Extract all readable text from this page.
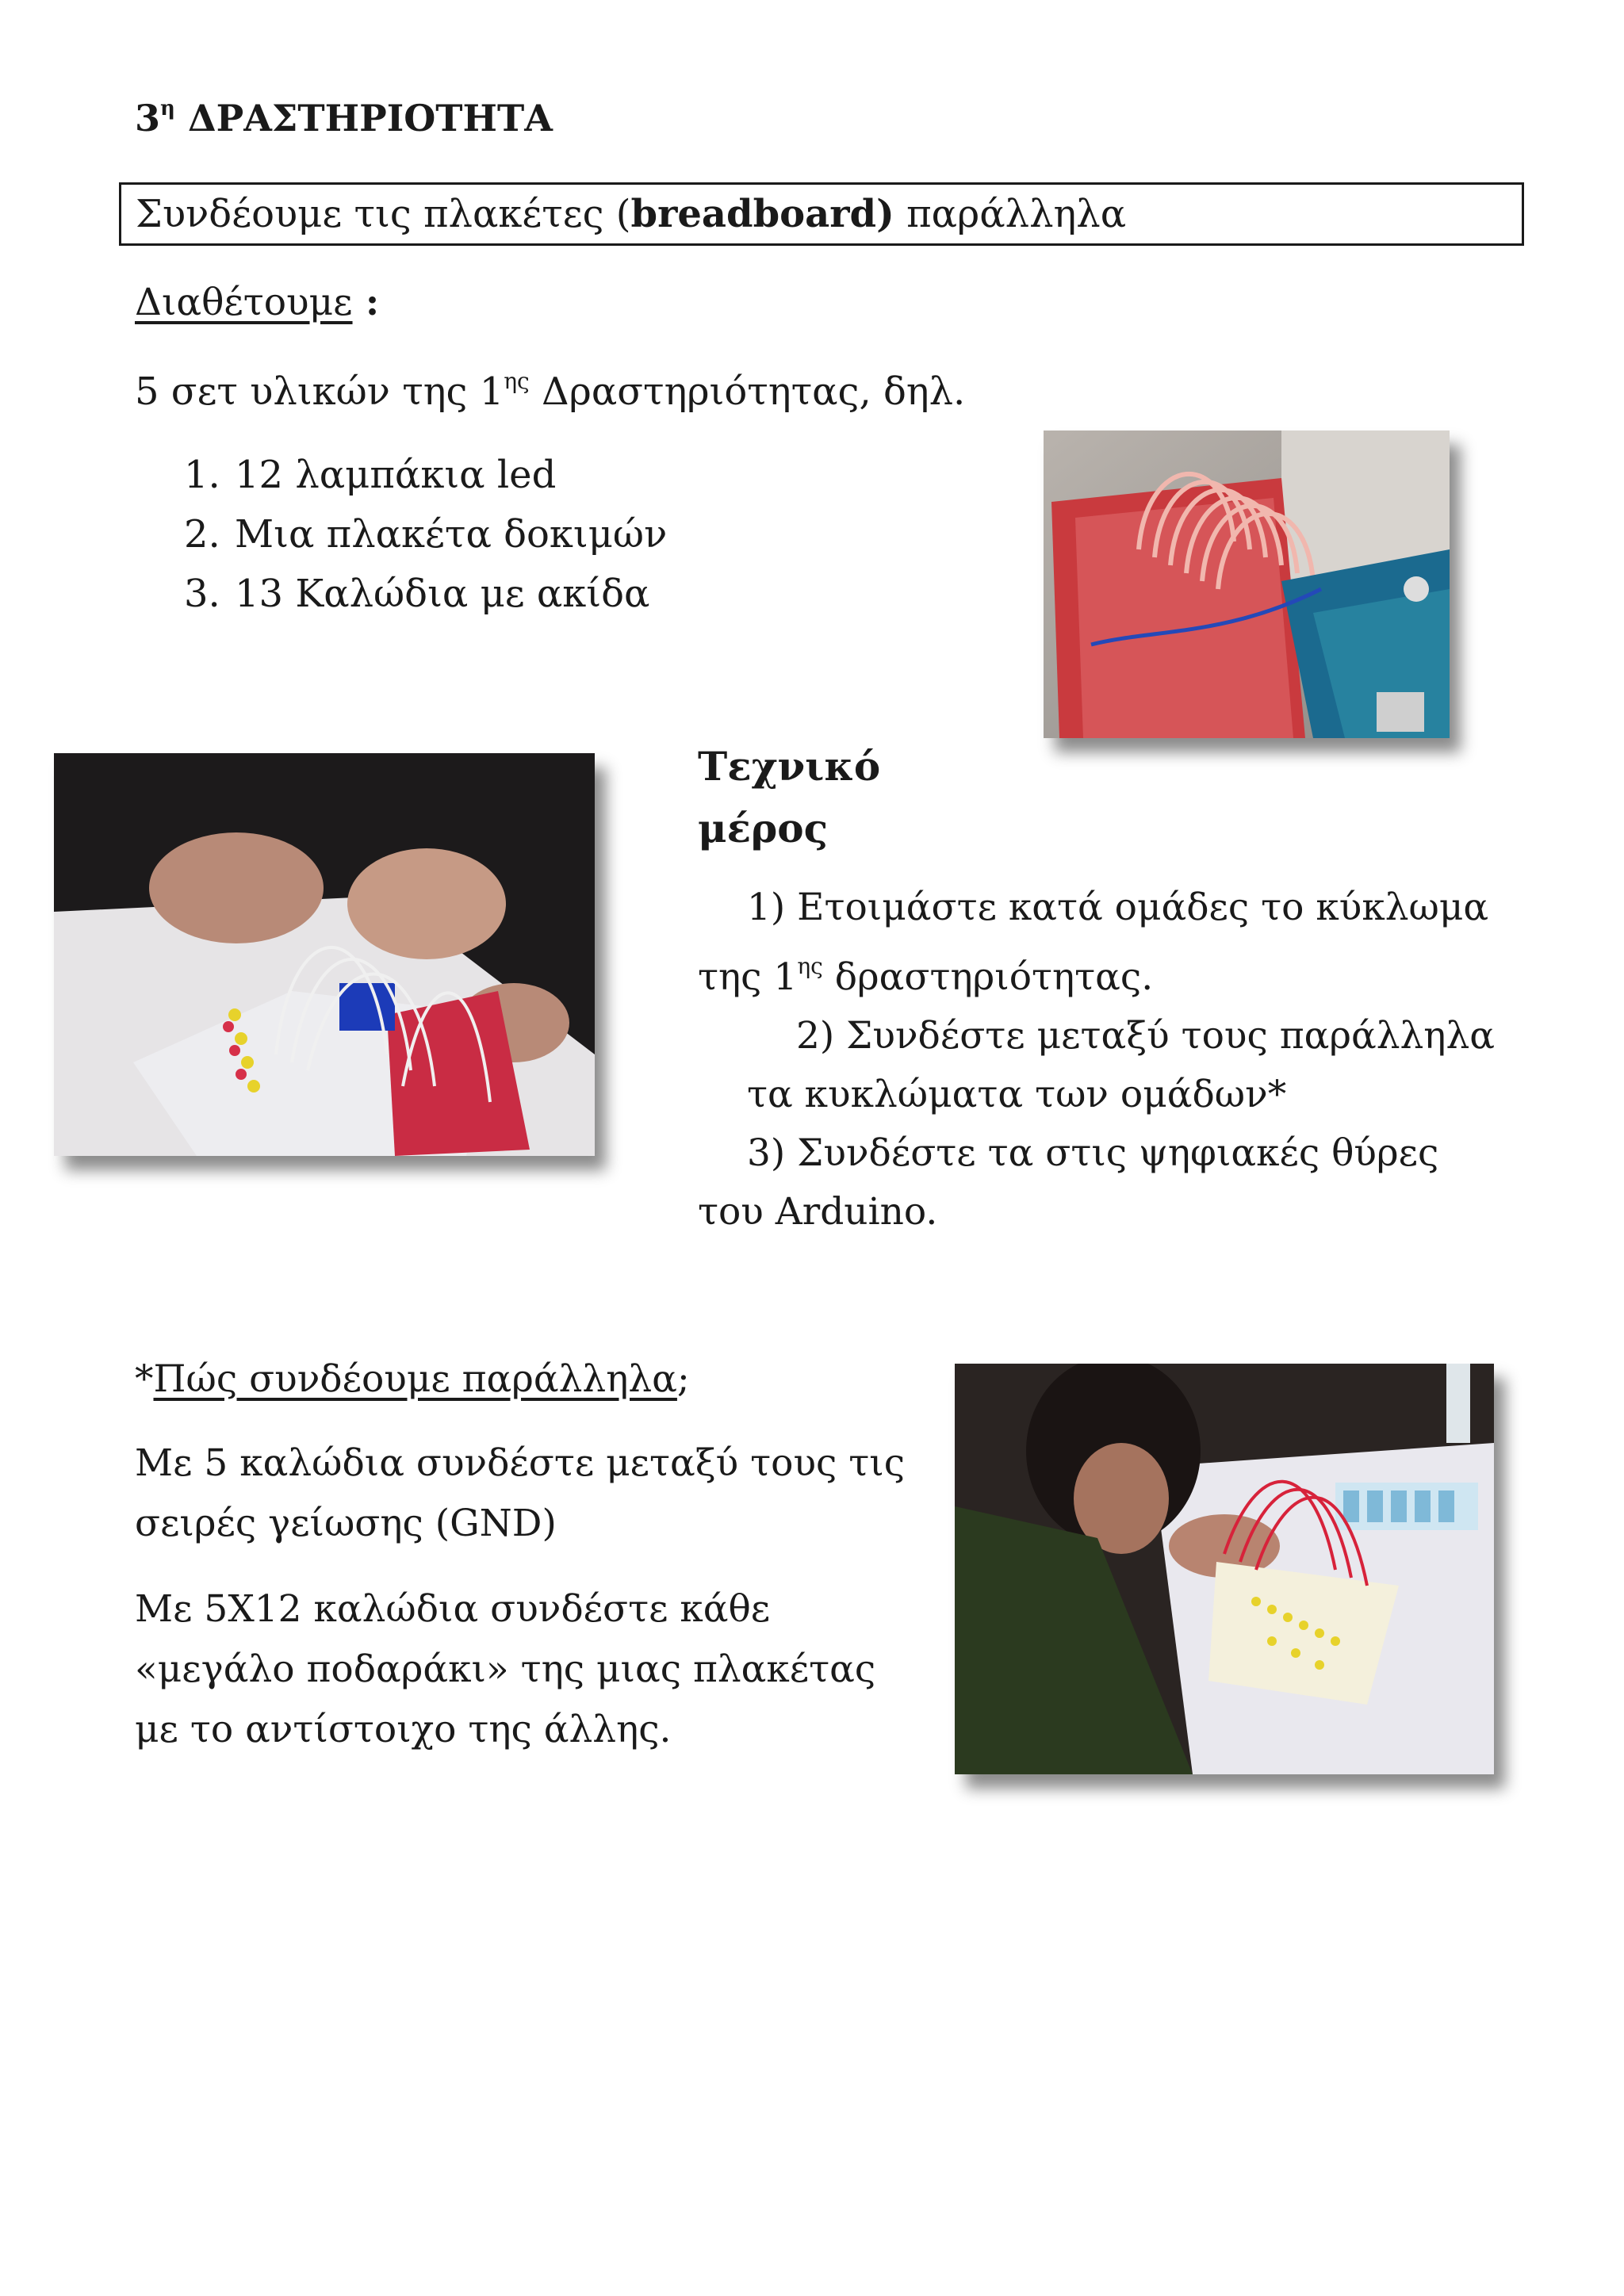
$3^\eta$ ΔΡΑΣΤΗΡΙΟΤΗΤΑ
Συνδέουμε τις πλακέτες (breadboard) παράλληλα
Διαθέτουμε :
5 σετ υλικών της $1^{\eta\varsigma}$ Δραστηριότητας, δηλ.
1. 12 λαμπάκια led
2. Μια πλακέτα δοκιμών
3. 13 Καλώδια με ακίδα
Τεχνικό
μέρος

1) Ετοιμάστε κατά ομάδες το κύκλωμα

της $1^{\eta\varsigma}$ δραστηριότητας.

2) Συνδέστε μεταξύ τους παράλληλα τα κυκλώματα των ομάδων*

3) Συνδέστε τα στις ψηφιακές θύρες του Arduino.

*Πώς συνδέουμε παράλληλα;
Με 5 καλώδια συνδέστε μεταξύ τους τις σειρές γείωσης (GND)
Με 5Χ12 καλώδια συνδέστε κάθε «μεγάλο ποδαράκι» της μιας πλακέτας με το αντίστοιχο της άλλης.
